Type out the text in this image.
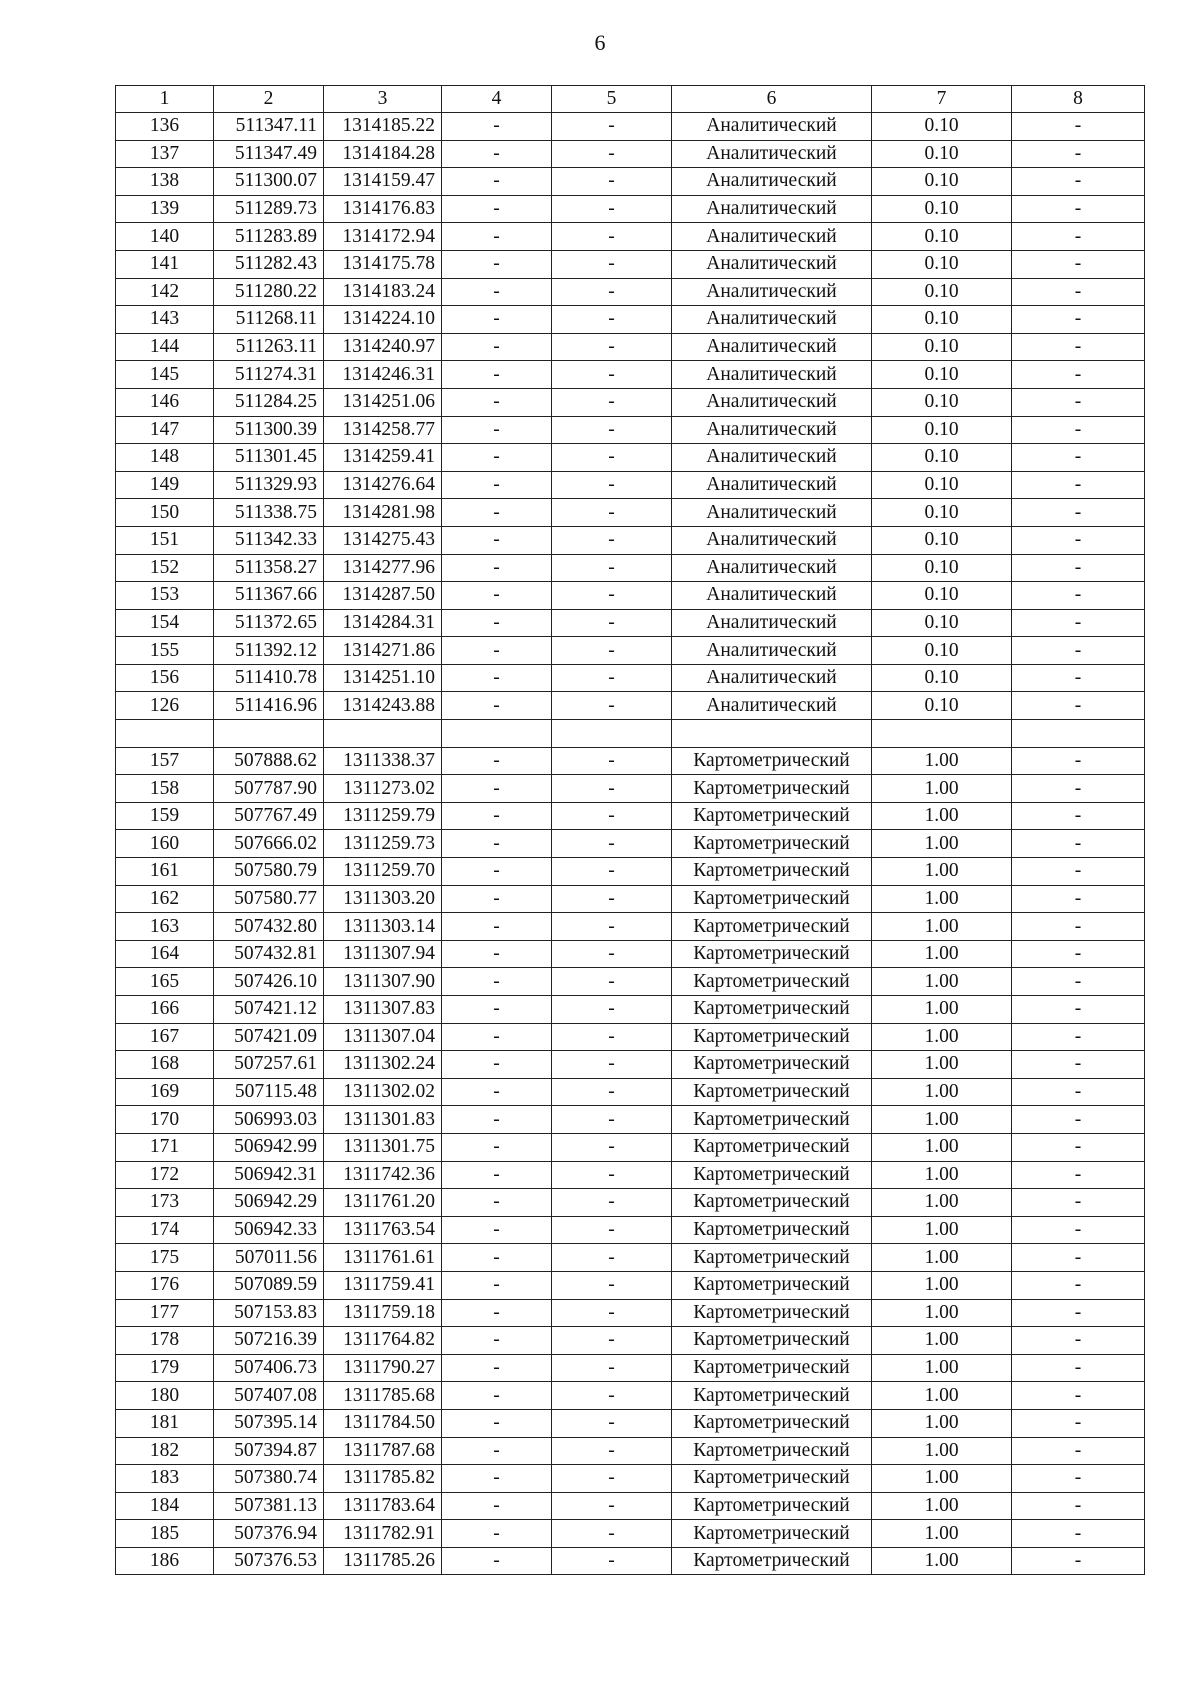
6
1	2	3	4	5	6	7	8
136	511347.11	1314185.22	-	-	Аналитический	0.10	-
137	511347.49	1314184.28	-	-	Аналитический	0.10	-
138	511300.07	1314159.47	-	-	Аналитический	0.10	-
139	511289.73	1314176.83	-	-	Аналитический	0.10	-
140	511283.89	1314172.94	-	-	Аналитический	0.10	-
141	511282.43	1314175.78	-	-	Аналитический	0.10	-
142	511280.22	1314183.24	-	-	Аналитический	0.10	-
143	511268.11	1314224.10	-	-	Аналитический	0.10	-
144	511263.11	1314240.97	-	-	Аналитический	0.10	-
145	511274.31	1314246.31	-	-	Аналитический	0.10	-
146	511284.25	1314251.06	-	-	Аналитический	0.10	-
147	511300.39	1314258.77	-	-	Аналитический	0.10	-
148	511301.45	1314259.41	-	-	Аналитический	0.10	-
149	511329.93	1314276.64	-	-	Аналитический	0.10	-
150	511338.75	1314281.98	-	-	Аналитический	0.10	-
151	511342.33	1314275.43	-	-	Аналитический	0.10	-
152	511358.27	1314277.96	-	-	Аналитический	0.10	-
153	511367.66	1314287.50	-	-	Аналитический	0.10	-
154	511372.65	1314284.31	-	-	Аналитический	0.10	-
155	511392.12	1314271.86	-	-	Аналитический	0.10	-
156	511410.78	1314251.10	-	-	Аналитический	0.10	-
126	511416.96	1314243.88	-	-	Аналитический	0.10	-

157	507888.62	1311338.37	-	-	Картометрический	1.00	-
158	507787.90	1311273.02	-	-	Картометрический	1.00	-
159	507767.49	1311259.79	-	-	Картометрический	1.00	-
160	507666.02	1311259.73	-	-	Картометрический	1.00	-
161	507580.79	1311259.70	-	-	Картометрический	1.00	-
162	507580.77	1311303.20	-	-	Картометрический	1.00	-
163	507432.80	1311303.14	-	-	Картометрический	1.00	-
164	507432.81	1311307.94	-	-	Картометрический	1.00	-
165	507426.10	1311307.90	-	-	Картометрический	1.00	-
166	507421.12	1311307.83	-	-	Картометрический	1.00	-
167	507421.09	1311307.04	-	-	Картометрический	1.00	-
168	507257.61	1311302.24	-	-	Картометрический	1.00	-
169	507115.48	1311302.02	-	-	Картометрический	1.00	-
170	506993.03	1311301.83	-	-	Картометрический	1.00	-
171	506942.99	1311301.75	-	-	Картометрический	1.00	-
172	506942.31	1311742.36	-	-	Картометрический	1.00	-
173	506942.29	1311761.20	-	-	Картометрический	1.00	-
174	506942.33	1311763.54	-	-	Картометрический	1.00	-
175	507011.56	1311761.61	-	-	Картометрический	1.00	-
176	507089.59	1311759.41	-	-	Картометрический	1.00	-
177	507153.83	1311759.18	-	-	Картометрический	1.00	-
178	507216.39	1311764.82	-	-	Картометрический	1.00	-
179	507406.73	1311790.27	-	-	Картометрический	1.00	-
180	507407.08	1311785.68	-	-	Картометрический	1.00	-
181	507395.14	1311784.50	-	-	Картометрический	1.00	-
182	507394.87	1311787.68	-	-	Картометрический	1.00	-
183	507380.74	1311785.82	-	-	Картометрический	1.00	-
184	507381.13	1311783.64	-	-	Картометрический	1.00	-
185	507376.94	1311782.91	-	-	Картометрический	1.00	-
186	507376.53	1311785.26	-	-	Картометрический	1.00	-
